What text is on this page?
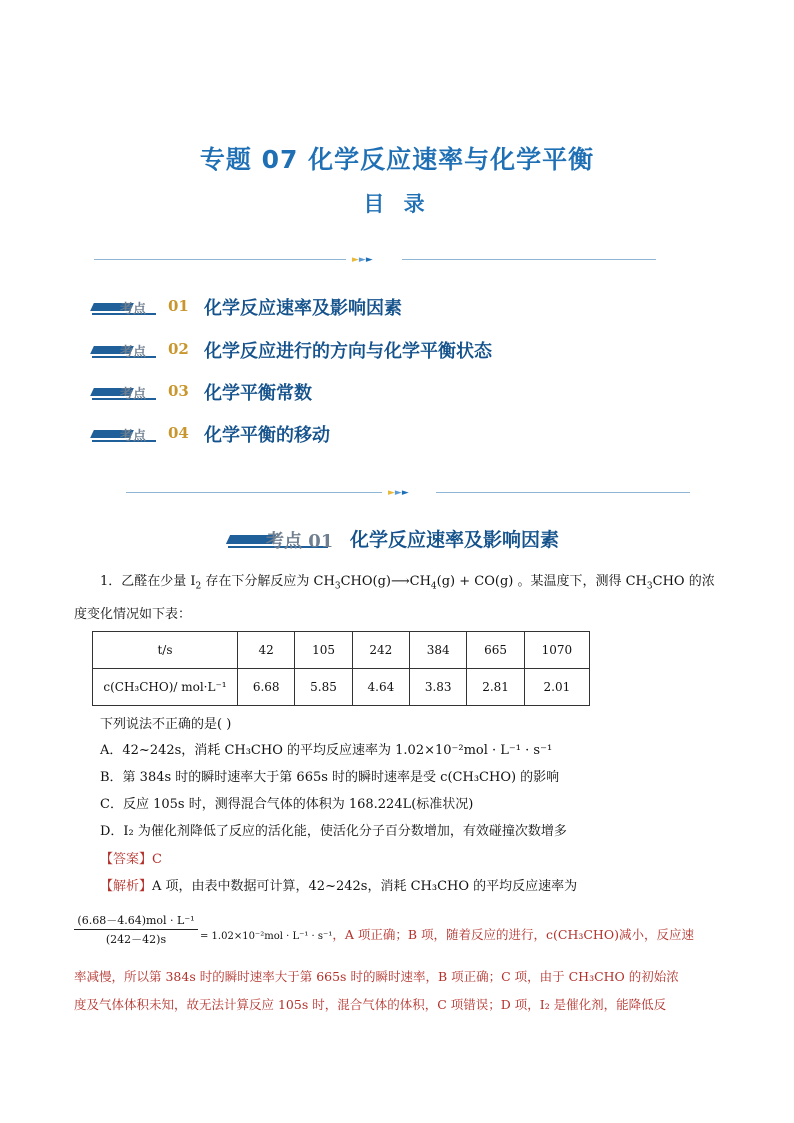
专题 07 化学反应速率与化学平衡
目 录
►►►
考点 01 化学反应速率及影响因素
考点 02 化学反应进行的方向与化学平衡状态
考点 03 化学平衡常数
考点 04 化学平衡的移动
►►►
考点 01 化学反应速率及影响因素
1．乙醛在少量 $I_2$ 存在下分解反应为 $CH_3CHO(g)⟶CH_4(g) + CO(g)$ 。某温度下，测得 $CH_3CHO$ 的浓
度变化情况如下表：
t/s	42	105	242	384	665	1070
c(CH₃CHO)/ mol·L⁻¹	6.68	5.85	4.64	3.83	2.81	2.01
下列说法不正确的是( )
A．42~242s，消耗 CH₃CHO 的平均反应速率为 1.02×10⁻²mol · L⁻¹ · s⁻¹
B．第 384s 时的瞬时速率大于第 665s 时的瞬时速率是受 c(CH₃CHO) 的影响
C．反应 105s 时，测得混合气体的体积为 168.224L(标准状况)
D．I₂ 为催化剂降低了反应的活化能，使活化分子百分数增加，有效碰撞次数增多
【答案】C
【解析】A 项，由表中数据可计算，42~242s，消耗 CH₃CHO 的平均反应速率为
(6.68－4.64)mol · L⁻¹
(242－42)s	= 1.02×10⁻²mol · L⁻¹ · s⁻¹，A 项正确；B 项，随着反应的进行，c(CH₃CHO)减小，反应速
率减慢，所以第 384s 时的瞬时速率大于第 665s 时的瞬时速率，B 项正确；C 项，由于 CH₃CHO 的初始浓
度及气体体积未知，故无法计算反应 105s 时，混合气体的体积，C 项错误；D 项，I₂ 是催化剂，能降低反
